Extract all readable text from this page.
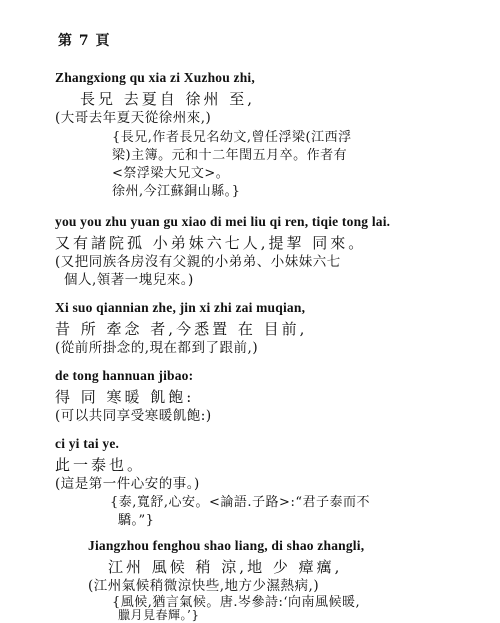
第 7 頁
Zhangxiong qu xia zi Xuzhou zhi,
長兄 去夏自 徐州 至,
(大哥去年夏天從徐州來,)
{長兄,作者長兄名幼文,曾任浮梁(江西浮
梁)主簿。元和十二年閏五月卒。作者有
<祭浮梁大兄文>。
徐州,今江蘇銅山縣。}
you you zhu yuan gu xiao di mei liu qi ren, tiqie tong lai.
又有諸院孤 小弟妹六七人,提挈 同來。
(又把同族各房沒有父親的小弟弟、小妹妹六七
個人,領著一塊兒來。)
Xi suo qiannian zhe, jin xi zhi zai muqian,
昔 所 牽念 者,今悉置 在 目前,
(從前所掛念的,現在都到了跟前,)
de tong hannuan jibao:
得 同 寒暖 飢飽:
(可以共同享受寒暖飢飽:)
ci yi tai ye.
此一泰也。
(這是第一件心安的事。)
{泰,寬舒,心安。<論語.子路>:“君子泰而不
驕。”}
Jiangzhou fenghou shao liang, di shao zhangli,
江州 風候 稍 涼,地 少 瘴癘,
(江州氣候稍微涼快些,地方少濕熱病,)
{風候,猶言氣候。唐.岑參詩:‘向南風候暖,
臘月見春輝。’}
